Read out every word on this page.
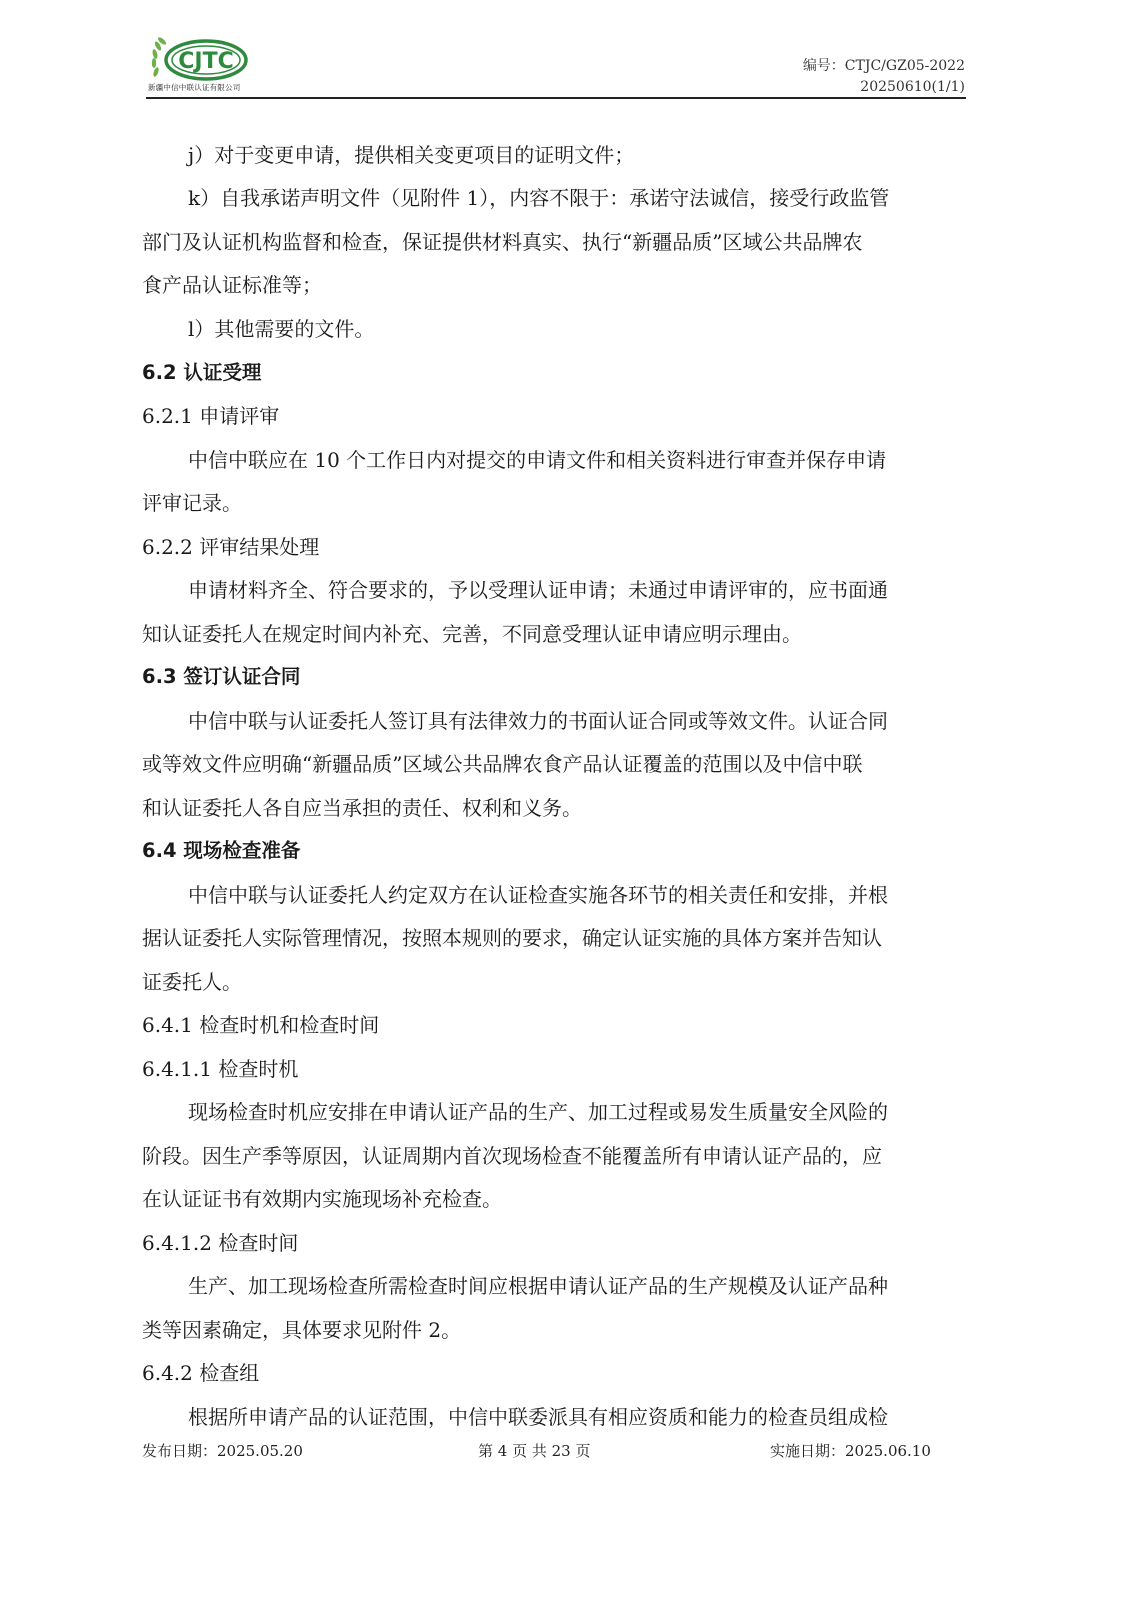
CJTC
新疆中信中联认证有限公司
编号：CTJC/GZ05-2022
20250610(1/1)
j）对于变更申请，提供相关变更项目的证明文件；
k）自我承诺声明文件（见附件 1），内容不限于：承诺守法诚信，接受行政监管
部门及认证机构监督和检查，保证提供材料真实、执行“新疆品质”区域公共品牌农
食产品认证标准等；
l）其他需要的文件。
6.2 认证受理
6.2.1 申请评审
中信中联应在 10 个工作日内对提交的申请文件和相关资料进行审查并保存申请
评审记录。
6.2.2 评审结果处理
申请材料齐全、符合要求的，予以受理认证申请；未通过申请评审的，应书面通
知认证委托人在规定时间内补充、完善，不同意受理认证申请应明示理由。
6.3 签订认证合同
中信中联与认证委托人签订具有法律效力的书面认证合同或等效文件。认证合同
或等效文件应明确“新疆品质”区域公共品牌农食产品认证覆盖的范围以及中信中联
和认证委托人各自应当承担的责任、权利和义务。
6.4 现场检查准备
中信中联与认证委托人约定双方在认证检查实施各环节的相关责任和安排，并根
据认证委托人实际管理情况，按照本规则的要求，确定认证实施的具体方案并告知认
证委托人。
6.4.1 检查时机和检查时间
6.4.1.1 检查时机
现场检查时机应安排在申请认证产品的生产、加工过程或易发生质量安全风险的
阶段。因生产季等原因，认证周期内首次现场检查不能覆盖所有申请认证产品的，应
在认证证书有效期内实施现场补充检查。
6.4.1.2 检查时间
生产、加工现场检查所需检查时间应根据申请认证产品的生产规模及认证产品种
类等因素确定，具体要求见附件 2。
6.4.2 检查组
根据所申请产品的认证范围，中信中联委派具有相应资质和能力的检查员组成检
发布日期：2025.05.20	第 4 页 共 23 页	实施日期：2025.06.10
